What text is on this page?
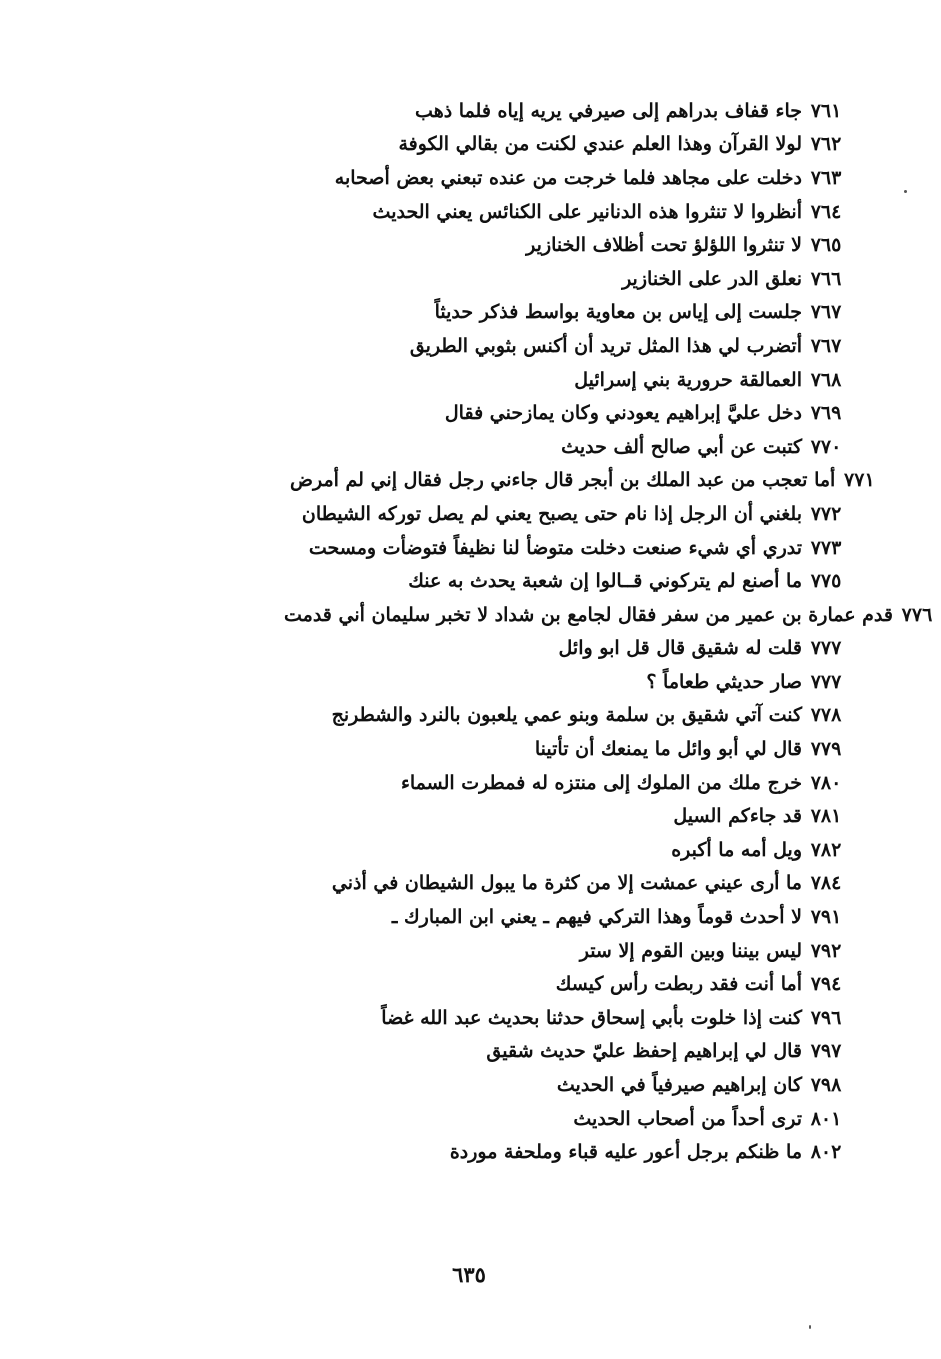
جاء قفاف بدراهم إلى صيرفي يريه إياه فلما ذهب ٧٦١
لولا القرآن وهذا العلم عندي لكنت من بقالي الكوفة ٧٦٢
دخلت على مجاهد فلما خرجت من عنده تبعني بعض أصحابه ٧٦٣
أنظروا لا تنثروا هذه الدنانير على الكنائس يعني الحديث ٧٦٤
لا تنثروا اللؤلؤ تحت أظلاف الخنازير ٧٦٥
نعلق الدر على الخنازير ٧٦٦
جلست إلى إياس بن معاوية بواسط فذكر حديثاً ٧٦٧
أتضرب لي هذا المثل تريد أن أكنس بثوبي الطريق ٧٦٧
العمالقة حرورية بني إسرائيل ٧٦٨
دخل عليَّ إبراهيم يعودني وكان يمازحني فقال ٧٦٩
كتبت عن أبي صالح ألف حديث ٧٧٠
أما تعجب من عبد الملك بن أبجر قال جاءني رجل فقال إني لم أمرض ٧٧١
بلغني أن الرجل إذا نام حتى يصبح يعني لم يصل توركه الشيطان ٧٧٢
تدري أي شيء صنعت دخلت متوضأ لنا نظيفاً فتوضأت ومسحت ٧٧٣
ما أصنع لم يتركوني قــالوا إن شعبة يحدث به عنك ٧٧٥
قدم عمارة بن عمير من سفر فقال لجامع بن شداد لا تخبر سليمان أني قدمت ٧٧٦
قلت له شقيق قال قل ابو وائل ٧٧٧
صار حديثي طعاماً ؟ ٧٧٧
كنت آتي شقيق بن سلمة وبنو عمي يلعبون بالنرد والشطرنج ٧٧٨
قال لي أبو وائل ما يمنعك أن تأتينا ٧٧٩
خرج ملك من الملوك إلى منتزه له فمطرت السماء ٧٨٠
قد جاءكم السيل ٧٨١
ويل أمه ما أكبره ٧٨٢
ما أرى عيني عمشت إلا من كثرة ما يبول الشيطان في أذني ٧٨٤
لا أحدث قوماً وهذا التركي فيهم ـ يعني ابن المبارك ـ ٧٩١
ليس بيننا وبين القوم إلا ستر ٧٩٢
أما أنت فقد ربطت رأس كيسك ٧٩٤
كنت إذا خلوت بأبي إسحاق حدثنا بحديث عبد الله غضاً ٧٩٦
قال لي إبراهيم إحفظ عليّ حديث شقيق ٧٩٧
كان إبراهيم صيرفياً في الحديث ٧٩٨
ترى أحداً من أصحاب الحديث ٨٠١
ما ظنكم برجل أعور عليه قباء وملحفة موردة ٨٠٢
٦٣٥
